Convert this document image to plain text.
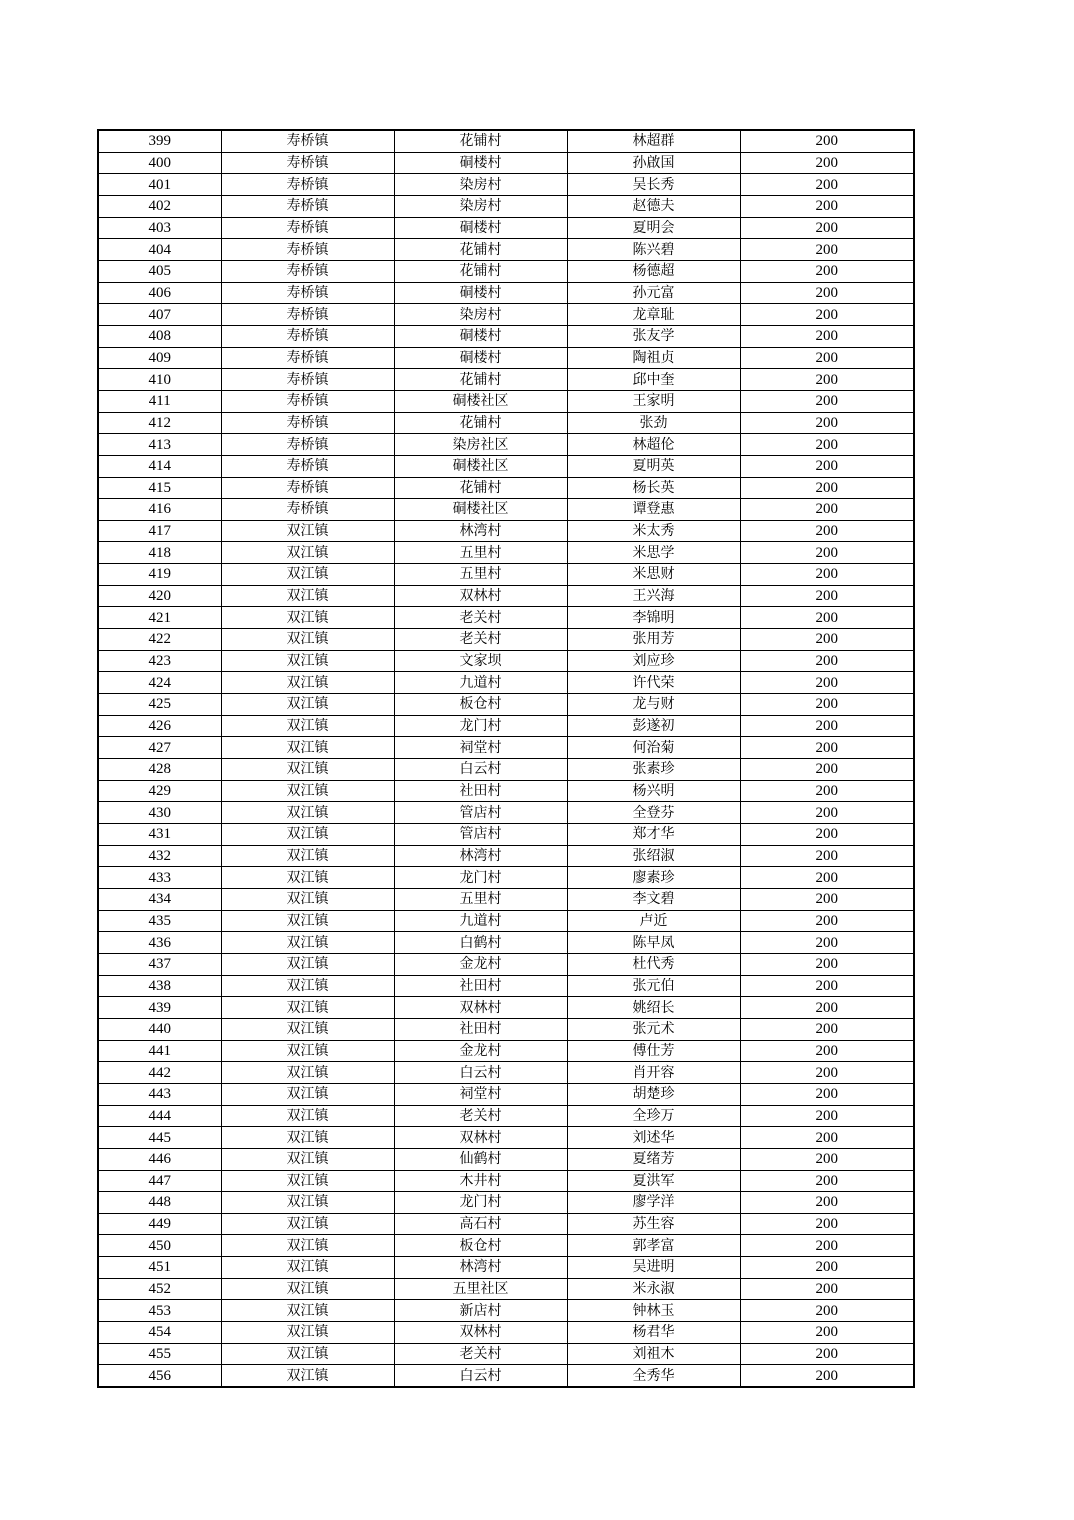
399	寿桥镇	花铺村	林超群	200
400	寿桥镇	硐楼村	孙啟国	200
401	寿桥镇	染房村	吴长秀	200
402	寿桥镇	染房村	赵德夫	200
403	寿桥镇	硐楼村	夏明会	200
404	寿桥镇	花铺村	陈兴碧	200
405	寿桥镇	花铺村	杨德超	200
406	寿桥镇	硐楼村	孙元富	200
407	寿桥镇	染房村	龙章耻	200
408	寿桥镇	硐楼村	张友学	200
409	寿桥镇	硐楼村	陶祖贞	200
410	寿桥镇	花铺村	邱中奎	200
411	寿桥镇	硐楼社区	王家明	200
412	寿桥镇	花铺村	张劲	200
413	寿桥镇	染房社区	林超伦	200
414	寿桥镇	硐楼社区	夏明英	200
415	寿桥镇	花铺村	杨长英	200
416	寿桥镇	硐楼社区	谭登惠	200
417	双江镇	林湾村	米太秀	200
418	双江镇	五里村	米思学	200
419	双江镇	五里村	米思财	200
420	双江镇	双林村	王兴海	200
421	双江镇	老关村	李锦明	200
422	双江镇	老关村	张用芳	200
423	双江镇	文家坝	刘应珍	200
424	双江镇	九道村	许代荣	200
425	双江镇	板仓村	龙与财	200
426	双江镇	龙门村	彭遂初	200
427	双江镇	祠堂村	何治菊	200
428	双江镇	白云村	张素珍	200
429	双江镇	社田村	杨兴明	200
430	双江镇	管店村	全登芬	200
431	双江镇	管店村	郑才华	200
432	双江镇	林湾村	张绍淑	200
433	双江镇	龙门村	廖素珍	200
434	双江镇	五里村	李文碧	200
435	双江镇	九道村	卢近	200
436	双江镇	白鹤村	陈早凤	200
437	双江镇	金龙村	杜代秀	200
438	双江镇	社田村	张元伯	200
439	双江镇	双林村	姚绍长	200
440	双江镇	社田村	张元术	200
441	双江镇	金龙村	傅仕芳	200
442	双江镇	白云村	肖开容	200
443	双江镇	祠堂村	胡楚珍	200
444	双江镇	老关村	全珍万	200
445	双江镇	双林村	刘述华	200
446	双江镇	仙鹤村	夏绪芳	200
447	双江镇	木井村	夏洪军	200
448	双江镇	龙门村	廖学洋	200
449	双江镇	高石村	苏生容	200
450	双江镇	板仓村	郭孝富	200
451	双江镇	林湾村	吴进明	200
452	双江镇	五里社区	米永淑	200
453	双江镇	新店村	钟林玉	200
454	双江镇	双林村	杨君华	200
455	双江镇	老关村	刘祖木	200
456	双江镇	白云村	全秀华	200
